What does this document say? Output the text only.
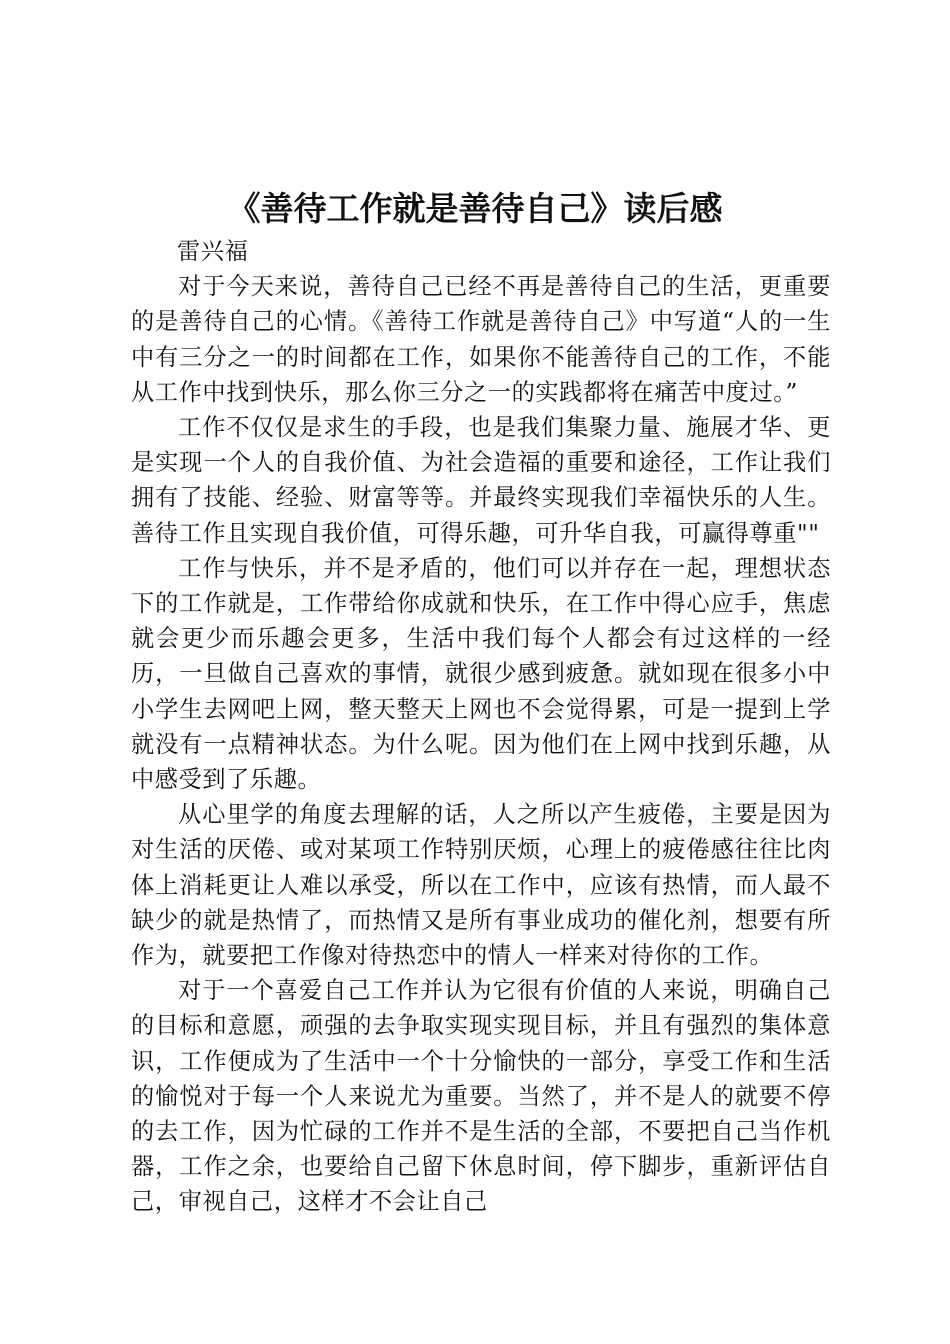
《善待工作就是善待自己》读后感

雷兴福

对于今天来说，善待自己已经不再是善待自己的生活，更重要的是善待自己的心情。《善待工作就是善待自己》中写道“人的一生中有三分之一的时间都在工作，如果你不能善待自己的工作，不能从工作中找到快乐，那么你三分之一的实践都将在痛苦中度过。”

工作不仅仅是求生的手段，也是我们集聚力量、施展才华、更是实现一个人的自我价值、为社会造福的重要和途径，工作让我们拥有了技能、经验、财富等等。并最终实现我们幸福快乐的人生。善待工作且实现自我价值，可得乐趣，可升华自我，可赢得尊重""

工作与快乐，并不是矛盾的，他们可以并存在一起，理想状态下的工作就是，工作带给你成就和快乐，在工作中得心应手，焦虑就会更少而乐趣会更多，生活中我们每个人都会有过这样的一经历，一旦做自己喜欢的事情，就很少感到疲惫。就如现在很多小中小学生去网吧上网，整天整天上网也不会觉得累，可是一提到上学就没有一点精神状态。为什么呢。因为他们在上网中找到乐趣，从中感受到了乐趣。

从心里学的角度去理解的话，人之所以产生疲倦，主要是因为对生活的厌倦、或对某项工作特别厌烦，心理上的疲倦感往往比肉体上消耗更让人难以承受，所以在工作中，应该有热情，而人最不缺少的就是热情了，而热情又是所有事业成功的催化剂，想要有所作为，就要把工作像对待热恋中的情人一样来对待你的工作。

对于一个喜爱自己工作并认为它很有价值的人来说，明确自己的目标和意愿，顽强的去争取实现实现目标，并且有强烈的集体意识，工作便成为了生活中一个十分愉快的一部分，享受工作和生活的愉悦对于每一个人来说尤为重要。当然了，并不是人的就要不停的去工作，因为忙碌的工作并不是生活的全部，不要把自己当作机器，工作之余，也要给自己留下休息时间，停下脚步，重新评估自己，审视自己，这样才不会让自己
